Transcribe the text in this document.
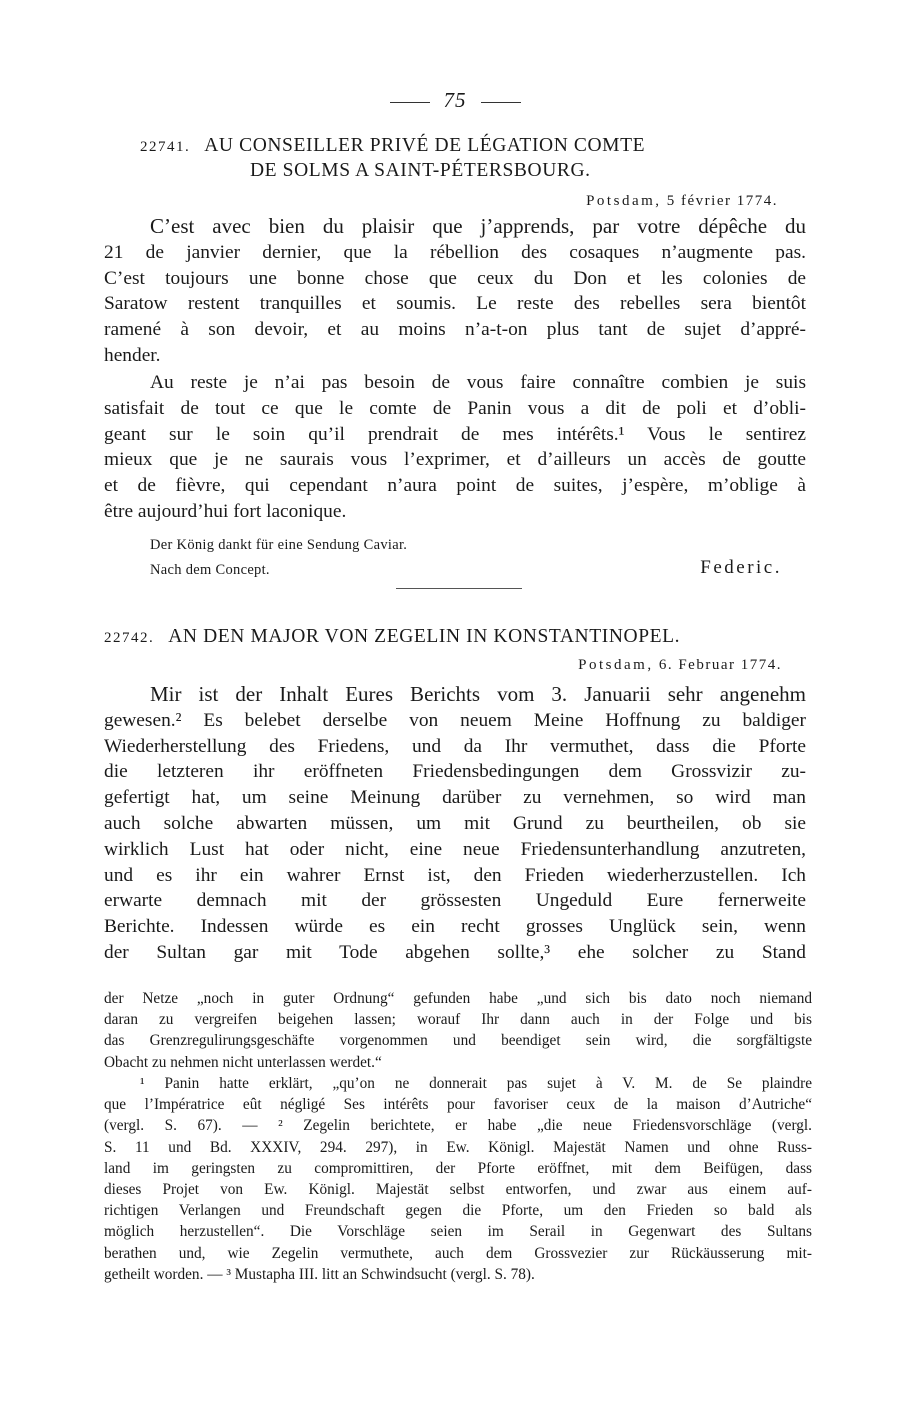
75
22741. AU CONSEILLER PRIVÉ DE LÉGATION COMTE
DE SOLMS A SAINT-PÉTERSBOURG.
Potsdam, 5 février 1774.
C’est avec bien du plaisir que j’apprends, par votre dépêche du
21 de janvier dernier, que la rébellion des cosaques n’augmente pas.
C’est toujours une bonne chose que ceux du Don et les colonies de
Saratow restent tranquilles et soumis. Le reste des rebelles sera bientôt
ramené à son devoir, et au moins n’a-t-on plus tant de sujet d’appré-
hender.
Au reste je n’ai pas besoin de vous faire connaître combien je suis
satisfait de tout ce que le comte de Panin vous a dit de poli et d’obli-
geant sur le soin qu’il prendrait de mes intérêts.¹ Vous le sentirez
mieux que je ne saurais vous l’exprimer, et d’ailleurs un accès de goutte
et de fièvre, qui cependant n’aura point de suites, j’espère, m’oblige à
être aujourd’hui fort laconique.
Der König dankt für eine Sendung Caviar.
Nach dem Concept.	Federic.
22742. AN DEN MAJOR VON ZEGELIN IN KONSTANTINOPEL.
Potsdam, 6. Februar 1774.
Mir ist der Inhalt Eures Berichts vom 3. Januarii sehr angenehm
gewesen.² Es belebet derselbe von neuem Meine Hoffnung zu baldiger
Wiederherstellung des Friedens, und da Ihr vermuthet, dass die Pforte
die letzteren ihr eröffneten Friedensbedingungen dem Grossvizir zu-
gefertigt hat, um seine Meinung darüber zu vernehmen, so wird man
auch solche abwarten müssen, um mit Grund zu beurtheilen, ob sie
wirklich Lust hat oder nicht, eine neue Friedensunterhandlung anzutreten,
und es ihr ein wahrer Ernst ist, den Frieden wiederherzustellen. Ich
erwarte demnach mit der grössesten Ungeduld Eure fernerweite
Berichte. Indessen würde es ein recht grosses Unglück sein, wenn
der Sultan gar mit Tode abgehen sollte,³ ehe solcher zu Stand
der Netze „noch in guter Ordnung“ gefunden habe „und sich bis dato noch niemand
daran zu vergreifen beigehen lassen; worauf Ihr dann auch in der Folge und bis
das Grenzregulirungsgeschäfte vorgenommen und beendiget sein wird, die sorgfältigste
Obacht zu nehmen nicht unterlassen werdet.“
¹ Panin hatte erklärt, „qu’on ne donnerait pas sujet à V. M. de Se plaindre
que l’Impératrice eût négligé Ses intérêts pour favoriser ceux de la maison d’Autriche“
(vergl. S. 67). — ² Zegelin berichtete, er habe „die neue Friedensvorschläge (vergl.
S. 11 und Bd. XXXIV, 294. 297), in Ew. Königl. Majestät Namen und ohne Russ-
land im geringsten zu compromittiren, der Pforte eröffnet, mit dem Beifügen, dass
dieses Projet von Ew. Königl. Majestät selbst entworfen, und zwar aus einem auf-
richtigen Verlangen und Freundschaft gegen die Pforte, um den Frieden so bald als
möglich herzustellen“. Die Vorschläge seien im Serail in Gegenwart des Sultans
berathen und, wie Zegelin vermuthete, auch dem Grossvezier zur Rückäusserung mit-
getheilt worden. — ³ Mustapha III. litt an Schwindsucht (vergl. S. 78).
